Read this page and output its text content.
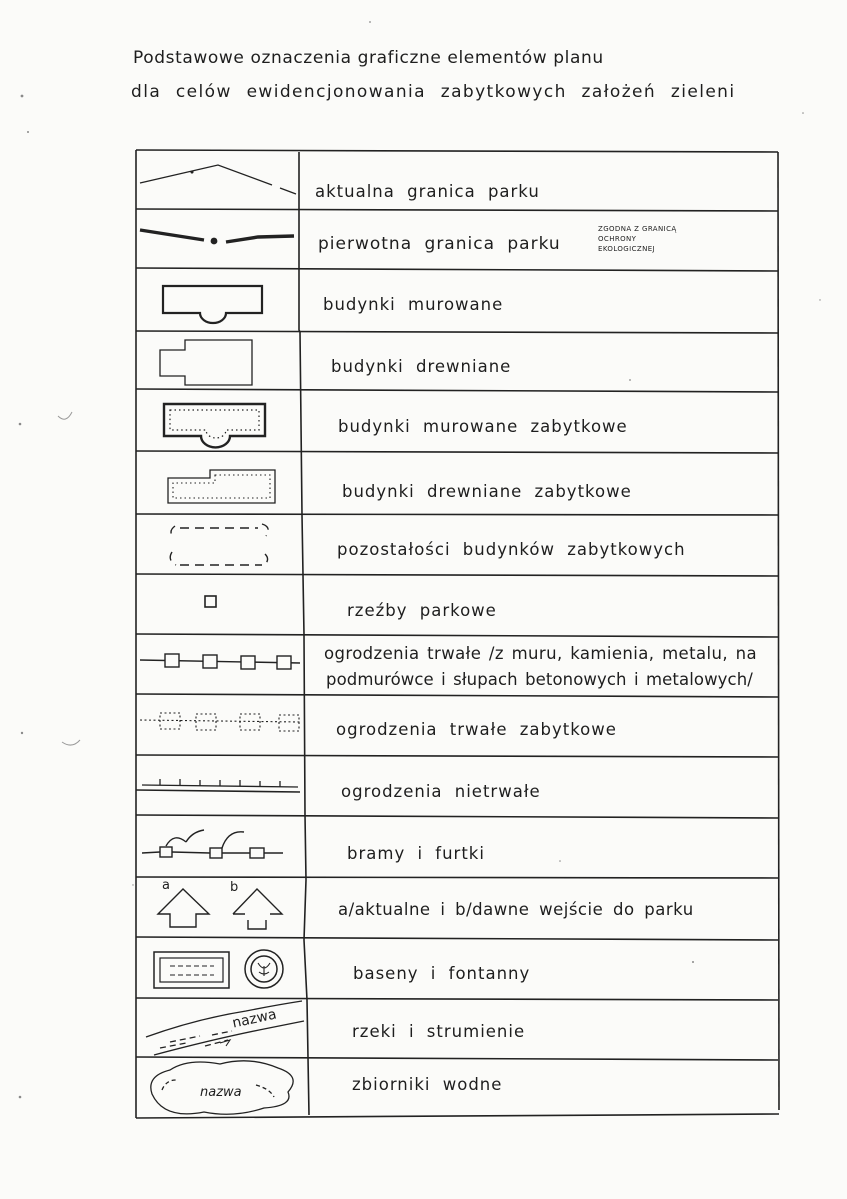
Podstawowe oznaczenia graficzne elementów planu
dla celów ewidencjonowania zabytkowych założeń zieleni
a	b
nazwa
nazwa
aktualna granica parku
pierwotna granica parku
ZGODNA Z GRANICĄ
OCHRONY
EKOLOGICZNEJ
budynki murowane
budynki drewniane
budynki murowane zabytkowe
budynki drewniane zabytkowe
pozostałości budynków zabytkowych
rzeźby parkowe
ogrodzenia trwałe /z muru, kamienia, metalu, na
podmurówce i słupach betonowych i metalowych/
ogrodzenia trwałe zabytkowe
ogrodzenia nietrwałe
bramy i furtki
a/aktualne i b/dawne wejście do parku
baseny i fontanny
rzeki i strumienie
zbiorniki wodne
